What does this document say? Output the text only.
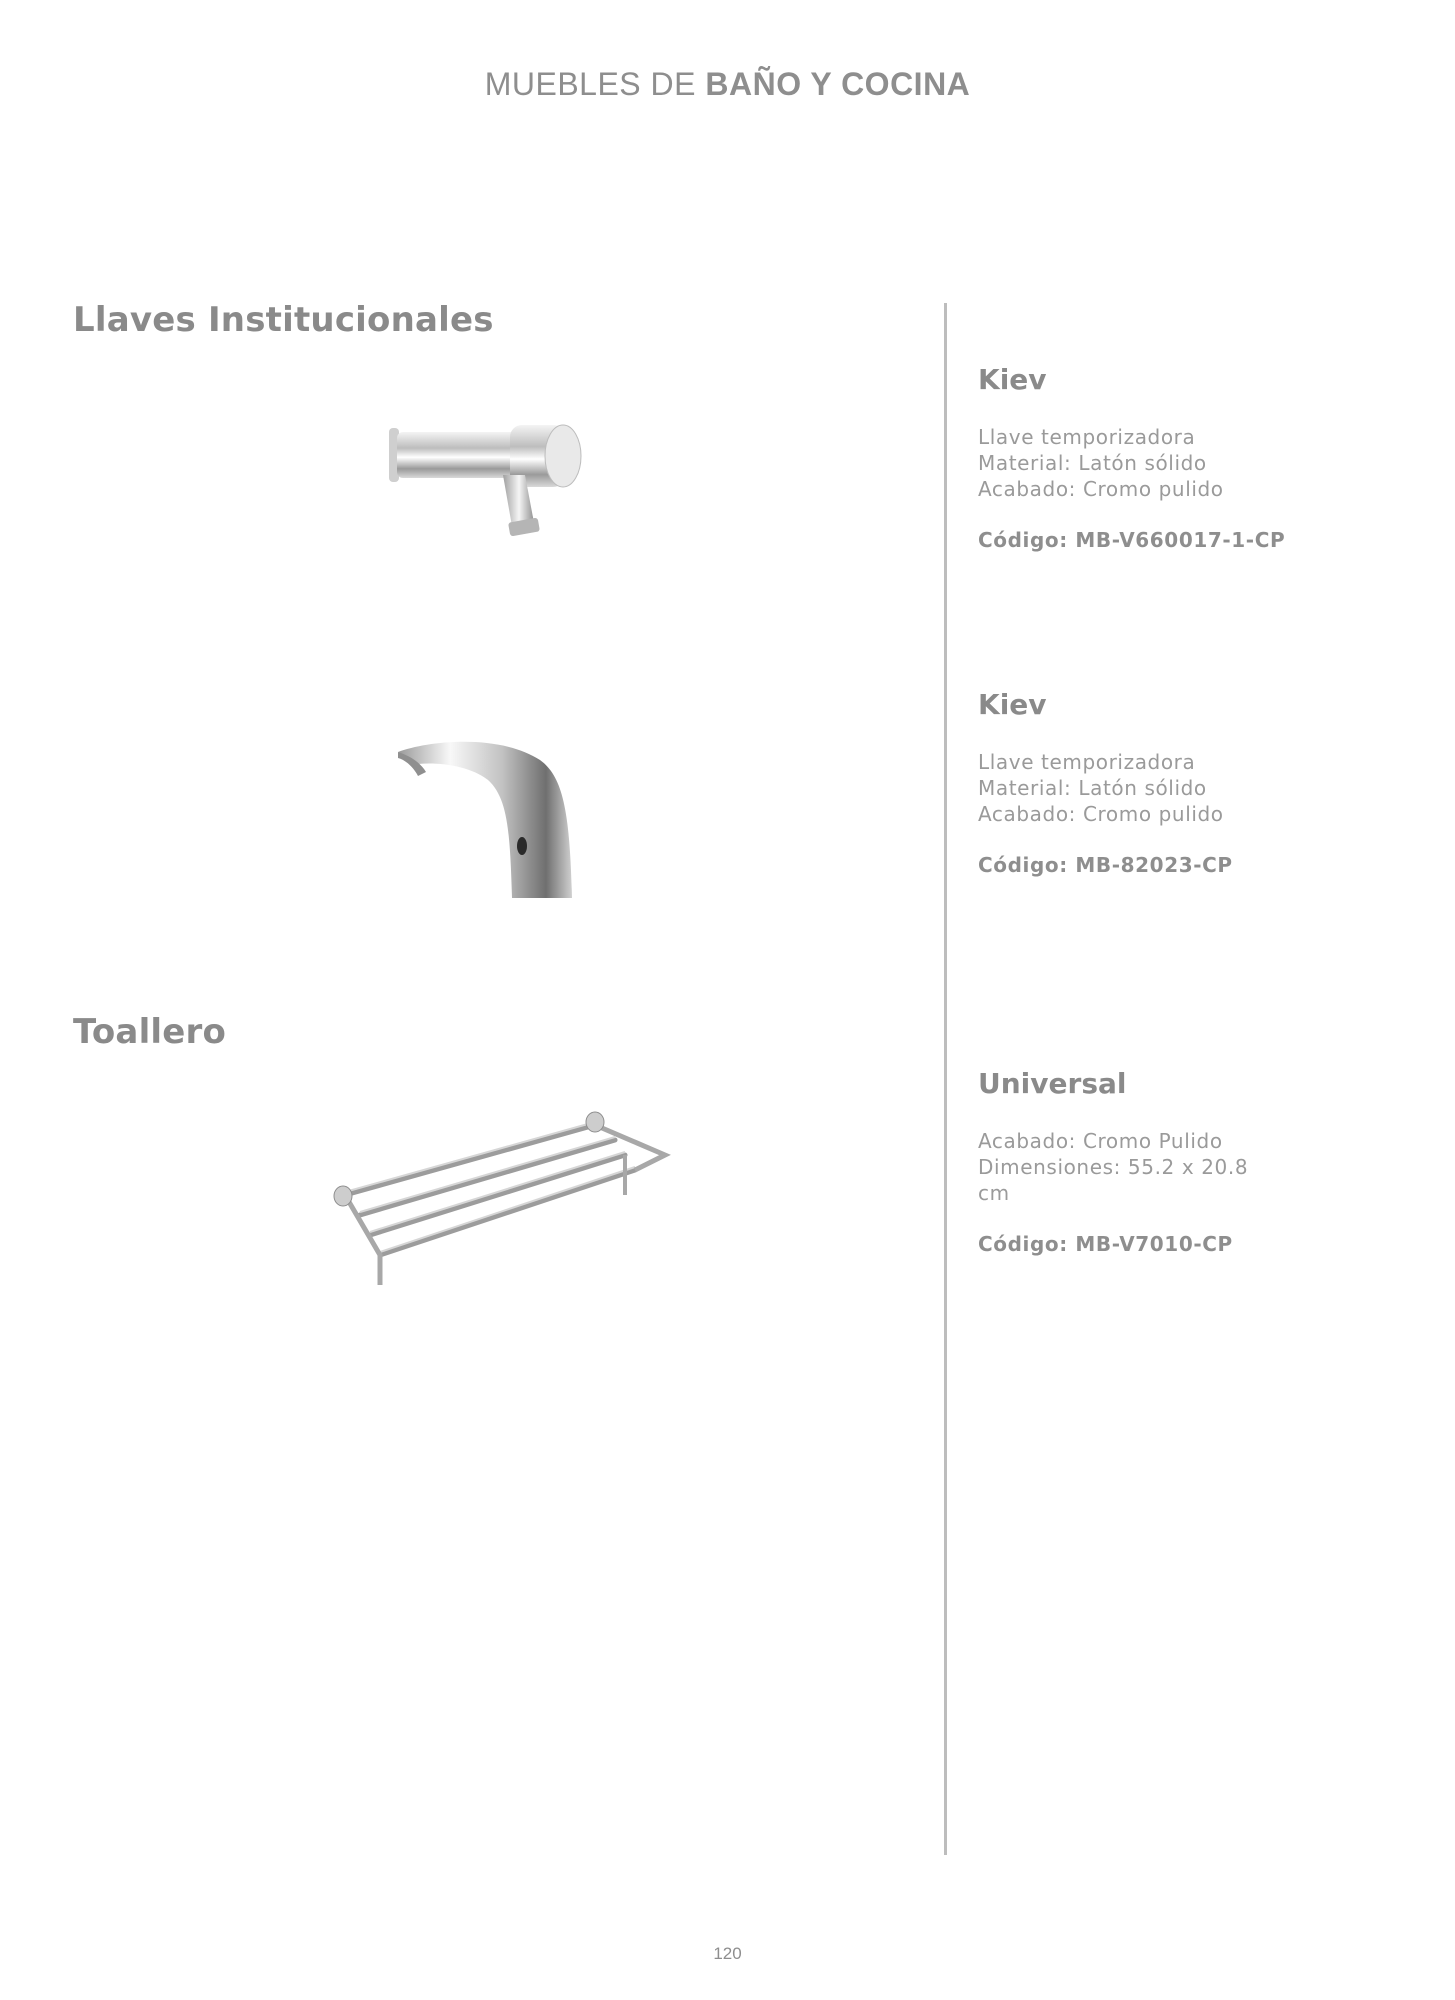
MUEBLES DE BAÑO Y COCINA
Llaves Institucionales
Toallero
Kiev
Llave temporizadora
Material: Latón sólido
Acabado: Cromo pulido
Código: MB-V660017-1-CP
Kiev
Llave temporizadora
Material: Latón sólido
Acabado: Cromo pulido
Código: MB-82023-CP
Universal
Acabado: Cromo Pulido
Dimensiones: 55.2 x 20.8
cm
Código: MB-V7010-CP
120
